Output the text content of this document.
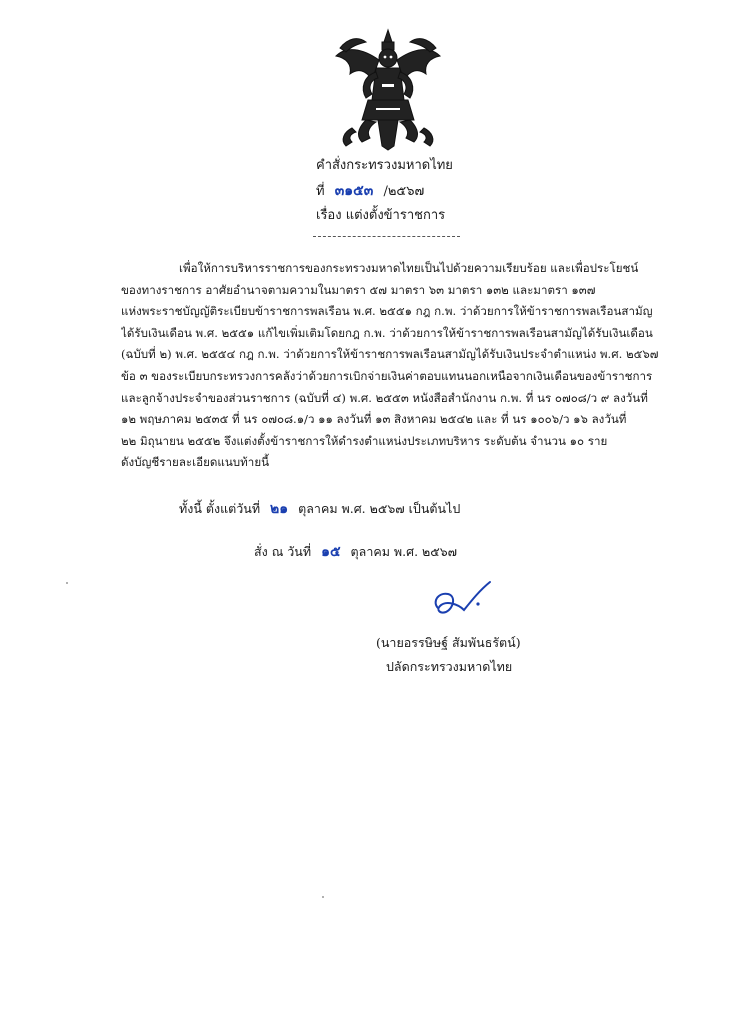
คำสั่งกระทรวงมหาดไทย
ที่ ๓๑๕๓ /๒๕๖๗
เรื่อง แต่งตั้งข้าราชการ
เพื่อให้การบริหารราชการของกระทรวงมหาดไทยเป็นไปด้วยความเรียบร้อย และเพื่อประโยชน์
ของทางราชการ อาศัยอำนาจตามความในมาตรา ๕๗ มาตรา ๖๓ มาตรา ๑๓๒ และมาตรา ๑๓๗
แห่งพระราชบัญญัติระเบียบข้าราชการพลเรือน พ.ศ. ๒๕๕๑ กฎ ก.พ. ว่าด้วยการให้ข้าราชการพลเรือนสามัญ
ได้รับเงินเดือน พ.ศ. ๒๕๕๑ แก้ไขเพิ่มเติมโดยกฎ ก.พ. ว่าด้วยการให้ข้าราชการพลเรือนสามัญได้รับเงินเดือน
(ฉบับที่ ๒) พ.ศ. ๒๕๕๔ กฎ ก.พ. ว่าด้วยการให้ข้าราชการพลเรือนสามัญได้รับเงินประจำตำแหน่ง พ.ศ. ๒๕๖๗
ข้อ ๓ ของระเบียบกระทรวงการคลังว่าด้วยการเบิกจ่ายเงินค่าตอบแทนนอกเหนือจากเงินเดือนของข้าราชการ
และลูกจ้างประจำของส่วนราชการ (ฉบับที่ ๔) พ.ศ. ๒๕๕๓ หนังสือสำนักงาน ก.พ. ที่ นร ๐๗๐๘/ว ๙ ลงวันที่
๑๒ พฤษภาคม ๒๕๓๕ ที่ นร ๐๗๐๘.๑/ว ๑๑ ลงวันที่ ๑๓ สิงหาคม ๒๕๔๒ และ ที่ นร ๑๐๐๖/ว ๑๖ ลงวันที่
๒๒ มิถุนายน ๒๕๕๒ จึงแต่งตั้งข้าราชการให้ดำรงตำแหน่งประเภทบริหาร ระดับต้น จำนวน ๑๐ ราย
ดังบัญชีรายละเอียดแนบท้ายนี้
ทั้งนี้ ตั้งแต่วันที่ ๒๑ ตุลาคม พ.ศ. ๒๕๖๗ เป็นต้นไป
สั่ง ณ วันที่ ๑๕ ตุลาคม พ.ศ. ๒๕๖๗
(นายอรรษิษฐ์ สัมพันธรัตน์)
ปลัดกระทรวงมหาดไทย
